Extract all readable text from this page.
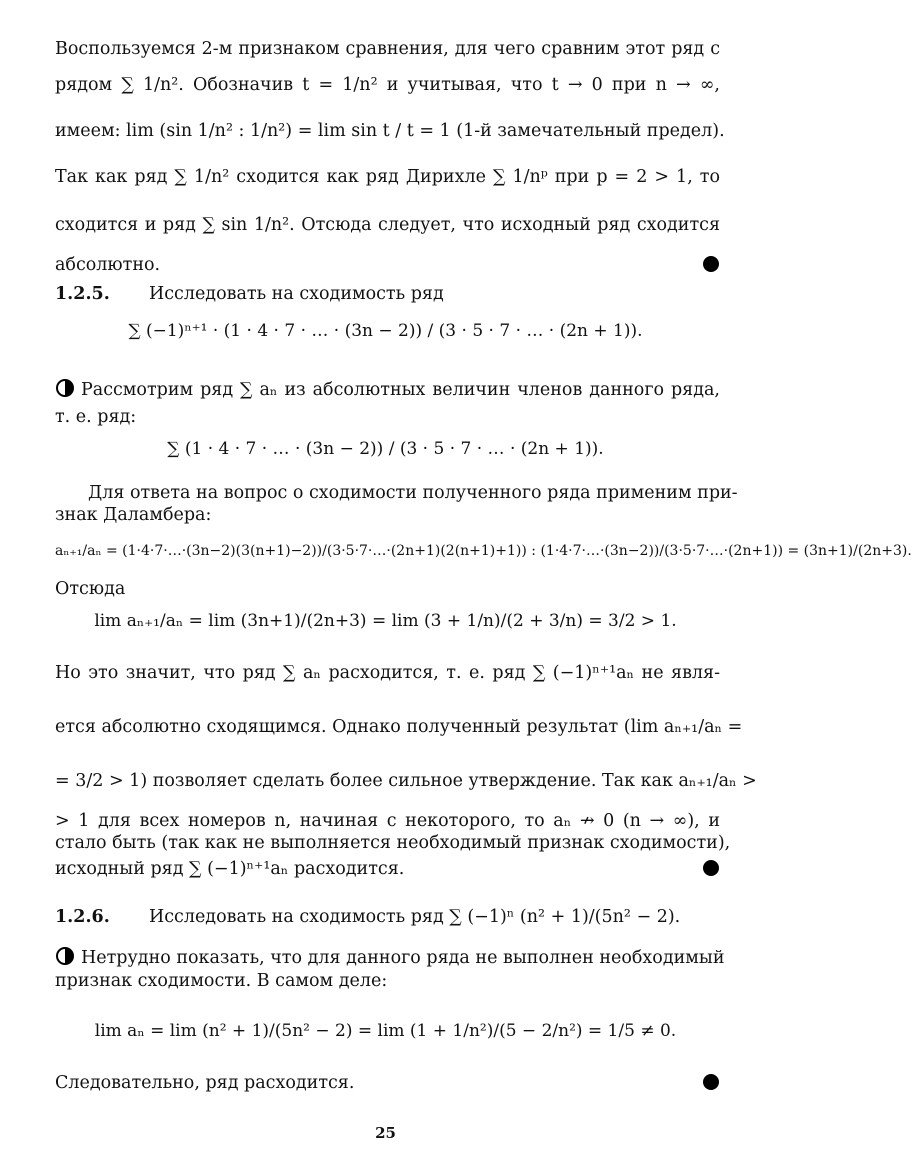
Воспользуемся 2-м признаком сравнения, для чего сравним этот ряд с
рядом ∑ 1/n². Обозначив t = 1/n² и учитывая, что t → 0 при n → ∞,
имеем: lim (sin 1/n² : 1/n²) = lim sin t / t = 1 (1-й замечательный предел).
Так как ряд ∑ 1/n² сходится как ряд Дирихле ∑ 1/nᵖ при p = 2 > 1, то
сходится и ряд ∑ sin 1/n². Отсюда следует, что исходный ряд сходится
абсолютно.
1.2.5. Исследовать на сходимость ряд
∑ (−1)ⁿ⁺¹ · (1 · 4 · 7 · … · (3n − 2)) / (3 · 5 · 7 · … · (2n + 1)).
Рассмотрим ряд ∑ aₙ из абсолютных величин членов данного ряда,
т. е. ряд:
∑ (1 · 4 · 7 · … · (3n − 2)) / (3 · 5 · 7 · … · (2n + 1)).
Для ответа на вопрос о сходимости полученного ряда применим при-
знак Даламбера:
aₙ₊₁/aₙ = (1·4·7·…·(3n−2)(3(n+1)−2))/(3·5·7·…·(2n+1)(2(n+1)+1)) : (1·4·7·…·(3n−2))/(3·5·7·…·(2n+1)) = (3n+1)/(2n+3).
Отсюда
lim aₙ₊₁/aₙ = lim (3n+1)/(2n+3) = lim (3 + 1/n)/(2 + 3/n) = 3/2 > 1.
Но это значит, что ряд ∑ aₙ расходится, т. е. ряд ∑ (−1)ⁿ⁺¹aₙ не явля-
ется абсолютно сходящимся. Однако полученный результат (lim aₙ₊₁/aₙ =
= 3/2 > 1) позволяет сделать более сильное утверждение. Так как aₙ₊₁/aₙ >
> 1 для всех номеров n, начиная с некоторого, то aₙ ↛ 0 (n → ∞), и
стало быть (так как не выполняется необходимый признак сходимости),
исходный ряд ∑ (−1)ⁿ⁺¹aₙ расходится.
1.2.6. Исследовать на сходимость ряд ∑ (−1)ⁿ (n² + 1)/(5n² − 2).
Нетрудно показать, что для данного ряда не выполнен необходимый
признак сходимости. В самом деле:
lim aₙ = lim (n² + 1)/(5n² − 2) = lim (1 + 1/n²)/(5 − 2/n²) = 1/5 ≠ 0.
Следовательно, ряд расходится.
25
